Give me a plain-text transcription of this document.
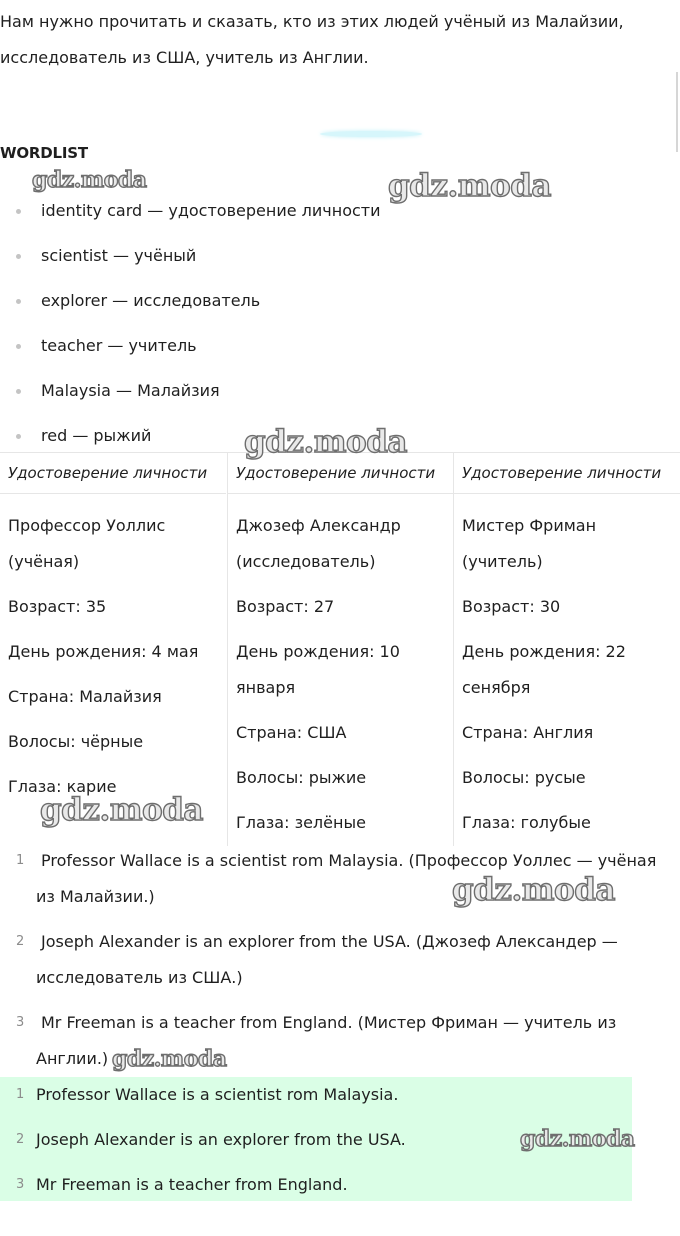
Нам нужно прочитать и сказать, кто из этих людей учёный из Малайзии, исследователь из США, учитель из Англии.
WORDLIST
identity card — удостоверение личности
scientist — учёный
explorer — исследователь
teacher — учитель
Malaysia — Малайзия
red — рыжий
Удостоверение личности
Профессор Уоллис (учёная)
Возраст: 35
День рождения: 4 мая
Страна: Малайзия
Волосы: чёрные
Глаза: карие
Удостоверение личности
Джозеф Александр (исследователь)
Возраст: 27
День рождения: 10 января
Страна: США
Волосы: рыжие
Глаза: зелёные
Удостоверение личности
Мистер Фриман (учитель)
Возраст: 30
День рождения: 22 сенября
Страна: Англия
Волосы: русые
Глаза: голубые
1 Professor Wallace is a scientist rom Malaysia. (Профессор Уоллес — учёная из Малайзии.)
2 Joseph Alexander is an explorer from the USA. (Джозеф Александер — исследователь из США.)
3 Mr Freeman is a teacher from England. (Мистер Фриман — учитель из Англии.)
1 Professor Wallace is a scientist rom Malaysia.
2 Joseph Alexander is an explorer from the USA.
3 Mr Freeman is a teacher from England.
gdz.moda	gdz.moda
gdz.moda
gdz.moda
gdz.moda
gdz.moda
gdz.moda
